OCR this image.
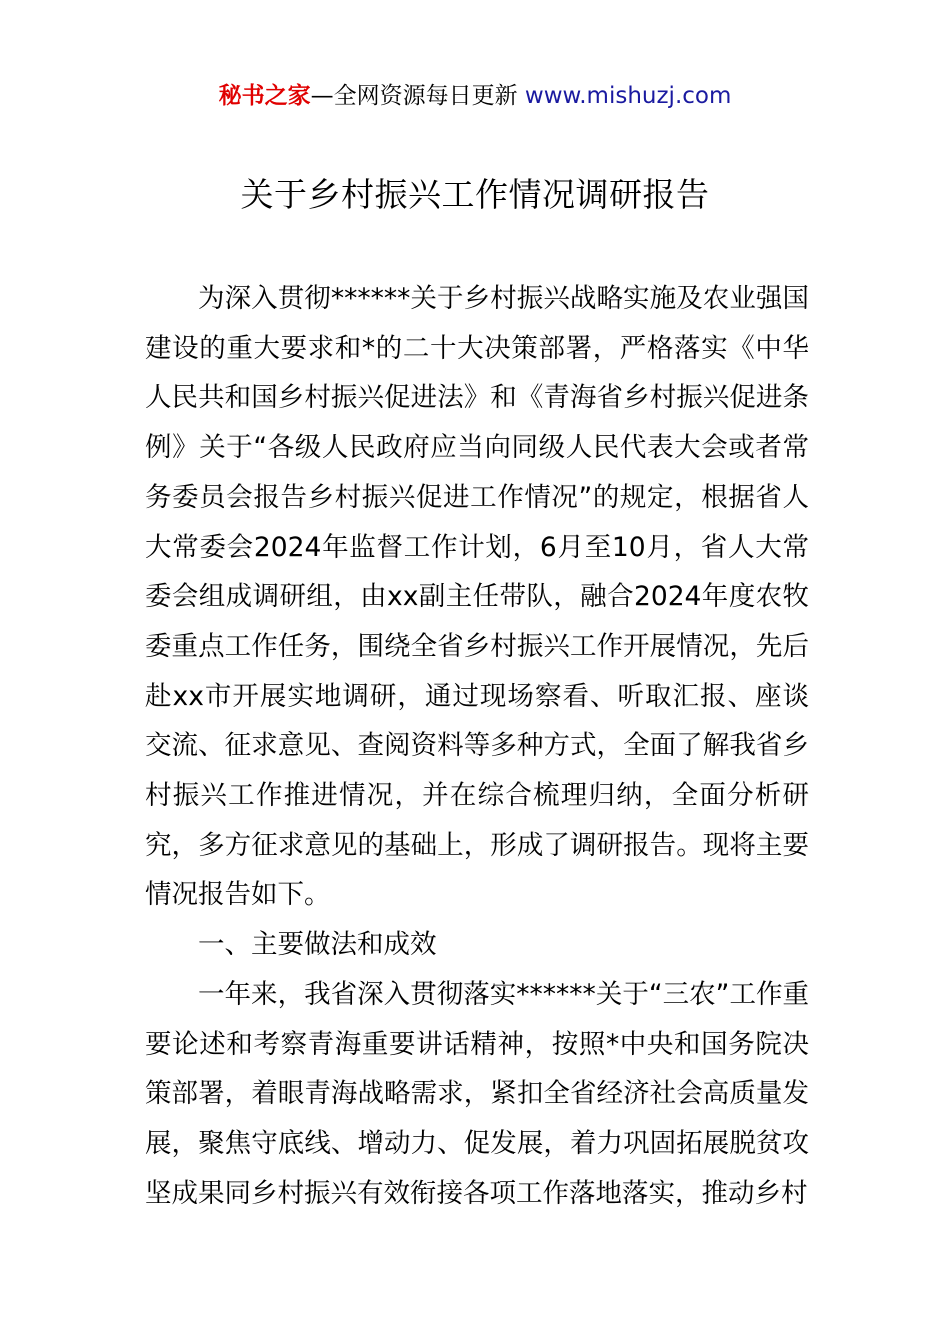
秘书之家—全网资源每日更新 www.mishuzj.com
关于乡村振兴工作情况调研报告

为深入贯彻******关于乡村振兴战略实施及农业强国建设的重大要求和*的二十大决策部署，严格落实《中华人民共和国乡村振兴促进法》和《青海省乡村振兴促进条例》关于“各级人民政府应当向同级人民代表大会或者常务委员会报告乡村振兴促进工作情况”的规定，根据省人大常委会2024年监督工作计划，6月至10月，省人大常委会组成调研组，由xx副主任带队，融合2024年度农牧委重点工作任务，围绕全省乡村振兴工作开展情况，先后赴xx市开展实地调研，通过现场察看、听取汇报、座谈交流、征求意见、查阅资料等多种方式，全面了解我省乡村振兴工作推进情况，并在综合梳理归纳，全面分析研究，多方征求意见的基础上，形成了调研报告。现将主要情况报告如下。

一、主要做法和成效

一年来，我省深入贯彻落实******关于“三农”工作重要论述和考察青海重要讲话精神，按照*中央和国务院决策部署，着眼青海战略需求，紧扣全省经济社会高质量发展，聚焦守底线、增动力、促发展，着力巩固拓展脱贫攻坚成果同乡村振兴有效衔接各项工作落地落实，推动乡村
